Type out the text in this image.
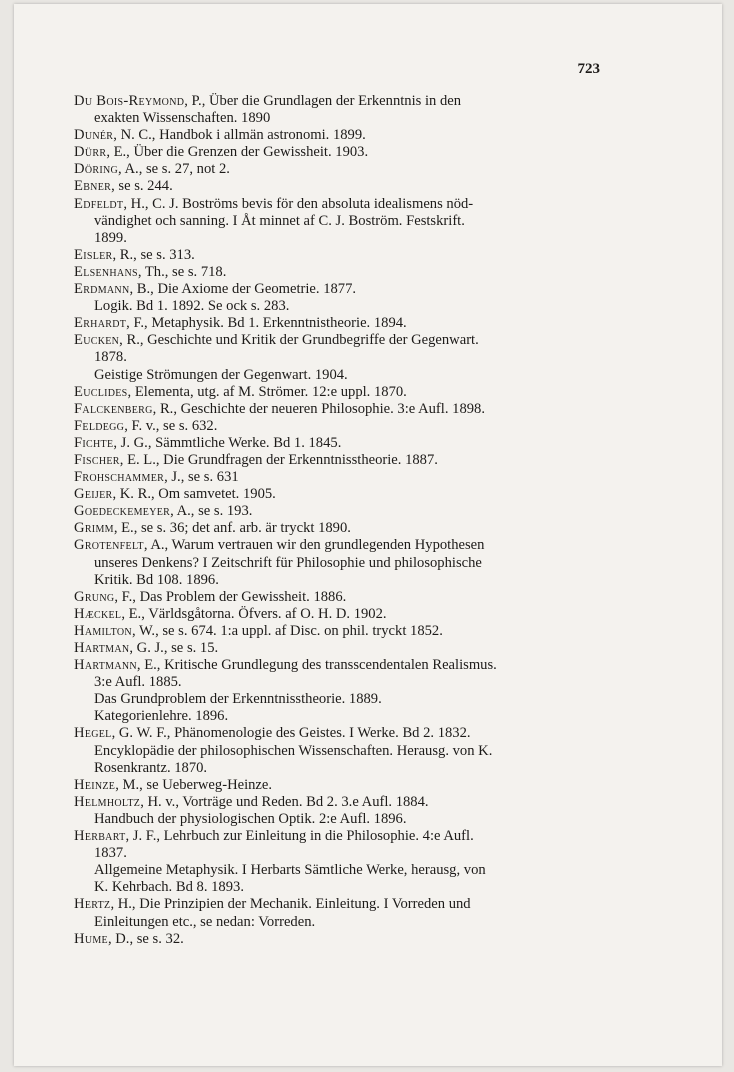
723
Du Bois-Reymond, P., Über die Grundlagen der Erkenntnis in den
exakten Wissenschaften. 1890
Dunér, N. C., Handbok i allmän astronomi. 1899.
Dürr, E., Über die Grenzen der Gewissheit. 1903.
Döring, A., se s. 27, not 2.
Ebner, se s. 244.
Edfeldt, H., C. J. Boströms bevis för den absoluta idealismens nöd-
vändighet och sanning. I Åt minnet af C. J. Boström. Festskrift.
1899.
Eisler, R., se s. 313.
Elsenhans, Th., se s. 718.
Erdmann, B., Die Axiome der Geometrie. 1877.
Logik. Bd 1. 1892. Se ock s. 283.
Erhardt, F., Metaphysik. Bd 1. Erkenntnistheorie. 1894.
Eucken, R., Geschichte und Kritik der Grundbegriffe der Gegenwart.
1878.
Geistige Strömungen der Gegenwart. 1904.
Euclides, Elementa, utg. af M. Strömer. 12:e uppl. 1870.
Falckenberg, R., Geschichte der neueren Philosophie. 3:e Aufl. 1898.
Feldegg, F. v., se s. 632.
Fichte, J. G., Sämmtliche Werke. Bd 1. 1845.
Fischer, E. L., Die Grundfragen der Erkenntnisstheorie. 1887.
Frohschammer, J., se s. 631
Geijer, K. R., Om samvetet. 1905.
Goedeckemeyer, A., se s. 193.
Grimm, E., se s. 36; det anf. arb. är tryckt 1890.
Grotenfelt, A., Warum vertrauen wir den grundlegenden Hypothesen
unseres Denkens? I Zeitschrift für Philosophie und philosophische
Kritik. Bd 108. 1896.
Grung, F., Das Problem der Gewissheit. 1886.
Hæckel, E., Världsgåtorna. Öfvers. af O. H. D. 1902.
Hamilton, W., se s. 674. 1:a uppl. af Disc. on phil. tryckt 1852.
Hartman, G. J., se s. 15.
Hartmann, E., Kritische Grundlegung des transscendentalen Realismus.
3:e Aufl. 1885.
Das Grundproblem der Erkenntnisstheorie. 1889.
Kategorienlehre. 1896.
Hegel, G. W. F., Phänomenologie des Geistes. I Werke. Bd 2. 1832.
Encyklopädie der philosophischen Wissenschaften. Herausg. von K.
Rosenkrantz. 1870.
Heinze, M., se Ueberweg-Heinze.
Helmholtz, H. v., Vorträge und Reden. Bd 2. 3.e Aufl. 1884.
Handbuch der physiologischen Optik. 2:e Aufl. 1896.
Herbart, J. F., Lehrbuch zur Einleitung in die Philosophie. 4:e Aufl.
1837.
Allgemeine Metaphysik. I Herbarts Sämtliche Werke, herausg, von
K. Kehrbach. Bd 8. 1893.
Hertz, H., Die Prinzipien der Mechanik. Einleitung. I Vorreden und
Einleitungen etc., se nedan: Vorreden.
Hume, D., se s. 32.
